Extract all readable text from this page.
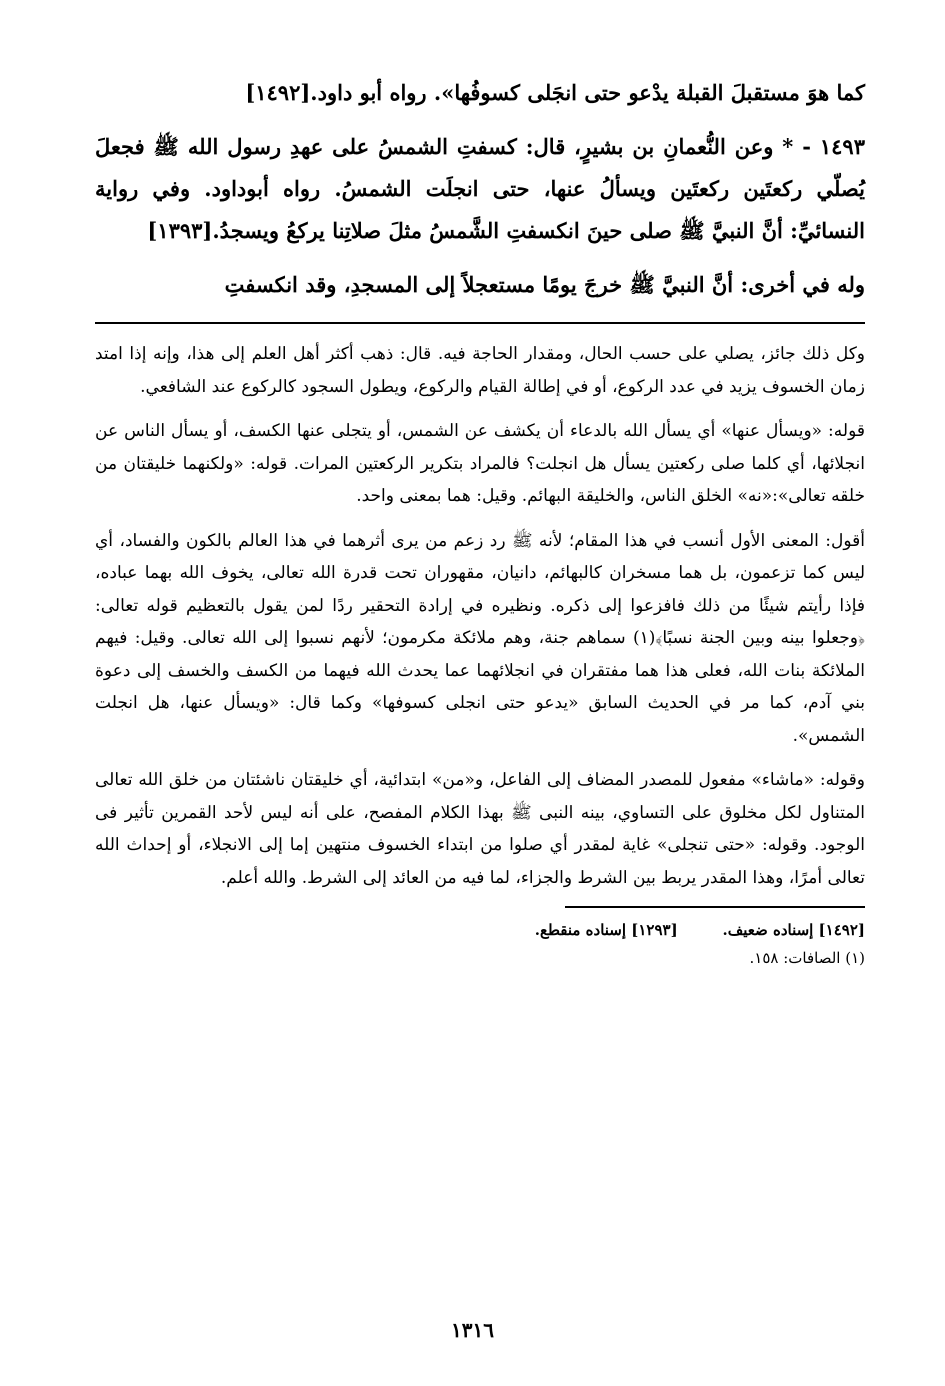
كما هوَ مستقبلَ القبلة يدْعو حتى انجَلى كسوفُها». رواه أبو داود.[١٤٩٢]

١٤٩٣ - * وعن النُّعمانِ بن بشيرٍ، قال: كسفتِ الشمسُ على عهدِ رسول الله ﷺ فجعلَ يُصلّي ركعتَين ركعتَين ويسألُ عنها، حتى انجلَت الشمسُ. رواه أبوداود. وفي رواية النسائيِّ: أنَّ النبيَّ ﷺ صلى حينَ انكسفتِ الشَّمسُ مثلَ صلاتِنا يركعُ ويسجدُ.[١٣٩٣]

وله في أخرى: أنَّ النبيَّ ﷺ خرجَ يومًا مستعجلاً إلى المسجدِ، وقد انكسفتِ

وكل ذلك جائز، يصلي على حسب الحال، ومقدار الحاجة فيه. قال: ذهب أكثر أهل العلم إلى هذا، وإنه إذا امتد زمان الخسوف يزيد في عدد الركوع، أو في إطالة القيام والركوع، ويطول السجود كالركوع عند الشافعي.

قوله: «ويسأل عنها» أي يسأل الله بالدعاء أن يكشف عن الشمس، أو يتجلى عنها الكسف، أو يسأل الناس عن انجلائها، أي كلما صلى ركعتين يسأل هل انجلت؟ فالمراد بتكرير الركعتين المرات. قوله: «ولكنهما خليقتان من خلقه تعالى»:«نه» الخلق الناس، والخليقة البهائم. وقيل: هما بمعنى واحد.

أقول: المعنى الأول أنسب في هذا المقام؛ لأنه ﷺ رد زعم من يرى أثرهما في هذا العالم بالكون والفساد، أي ليس كما تزعمون، بل هما مسخران كالبهائم، دانيان، مقهوران تحت قدرة الله تعالى، يخوف الله بهما عباده، فإذا رأيتم شيئًا من ذلك فافزعوا إلى ذكره. ونظيره في إرادة التحقير ردًا لمن يقول بالتعظيم قوله تعالى: ﴿وجعلوا بينه وبين الجنة نسبًا﴾(١) سماهم جنة، وهم ملائكة مكرمون؛ لأنهم نسبوا إلى الله تعالى. وقيل: فيهم الملائكة بنات الله، فعلى هذا هما مفتقران في انجلائهما عما يحدث الله فيهما من الكسف والخسف إلى دعوة بني آدم، كما مر في الحديث السابق «يدعو حتى انجلى كسوفها» وكما قال: «ويسأل عنها، هل انجلت الشمس».

وقوله: «ماشاء» مفعول للمصدر المضاف إلى الفاعل، و«من» ابتدائية، أي خليقتان ناشئتان من خلق الله تعالى المتناول لكل مخلوق على التساوي، بينه النبى ﷺ بهذا الكلام المفصح، على أنه ليس لأحد القمرين تأثير فى الوجود. وقوله: «حتى تنجلى» غاية لمقدر أي صلوا من ابتداء الخسوف منتهين إما إلى الانجلاء، أو إحداث الله تعالى أمرًا، وهذا المقدر يربط بين الشرط والجزاء، لما فيه من العائد إلى الشرط. والله أعلم.

[١٤٩٢] إسناده ضعيف. [١٢٩٣] إسناده منقطع.
(١) الصافات: ١٥٨.
١٣١٦
